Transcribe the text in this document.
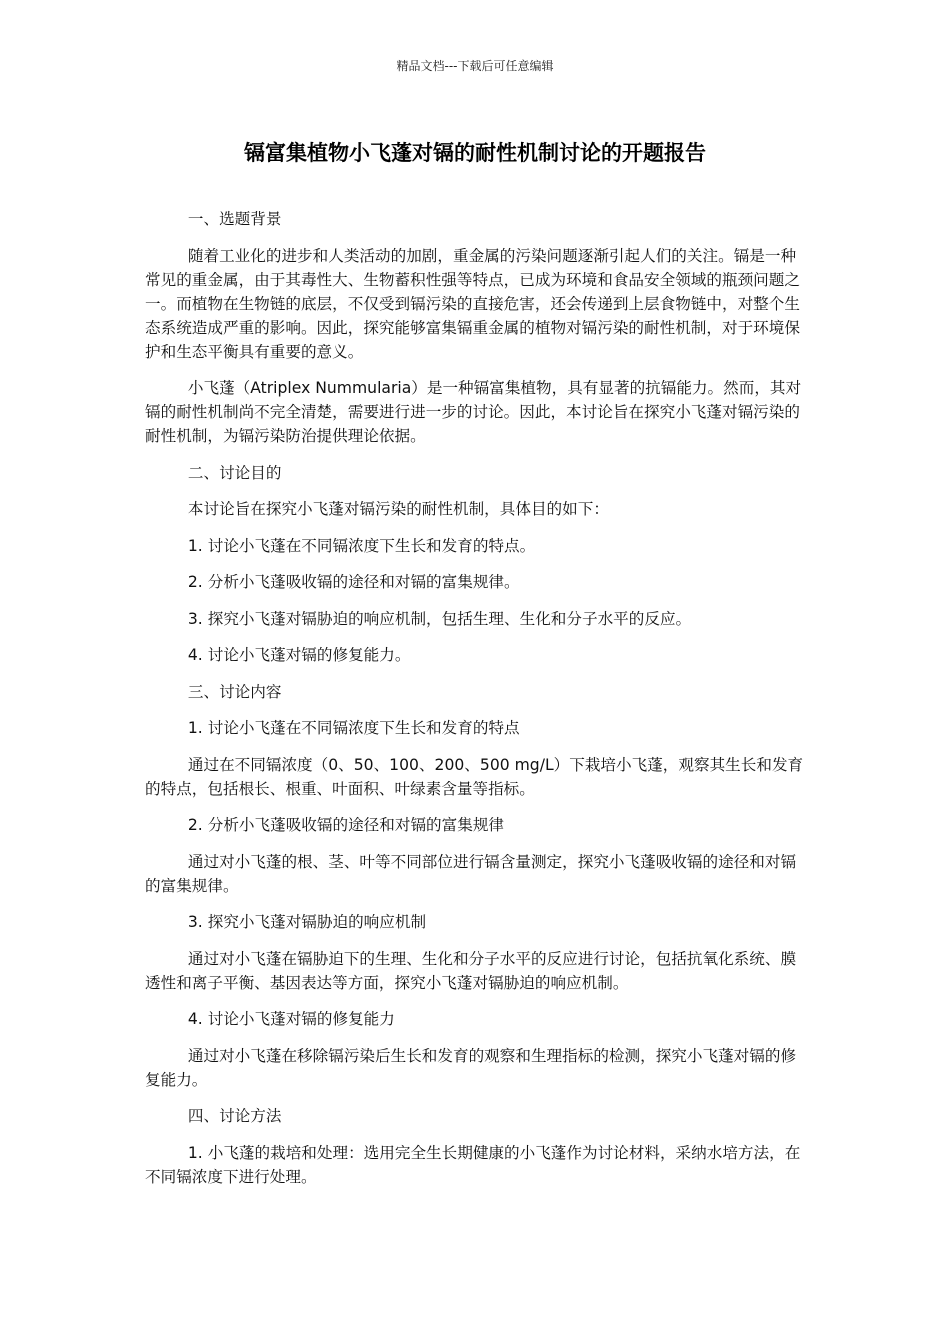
精品文档---下载后可任意编辑
镉富集植物小飞蓬对镉的耐性机制讨论的开题报告

一、选题背景

随着工业化的进步和人类活动的加剧，重金属的污染问题逐渐引起人们的关注。镉是一种常见的重金属，由于其毒性大、生物蓄积性强等特点，已成为环境和食品安全领域的瓶颈问题之一。而植物在生物链的底层，不仅受到镉污染的直接危害，还会传递到上层食物链中，对整个生态系统造成严重的影响。因此，探究能够富集镉重金属的植物对镉污染的耐性机制，对于环境保护和生态平衡具有重要的意义。

小飞蓬（Atriplex Nummularia）是一种镉富集植物，具有显著的抗镉能力。然而，其对镉的耐性机制尚不完全清楚，需要进行进一步的讨论。因此，本讨论旨在探究小飞蓬对镉污染的耐性机制，为镉污染防治提供理论依据。

二、讨论目的

本讨论旨在探究小飞蓬对镉污染的耐性机制，具体目的如下：

1. 讨论小飞蓬在不同镉浓度下生长和发育的特点。

2. 分析小飞蓬吸收镉的途径和对镉的富集规律。

3. 探究小飞蓬对镉胁迫的响应机制，包括生理、生化和分子水平的反应。

4. 讨论小飞蓬对镉的修复能力。

三、讨论内容

1. 讨论小飞蓬在不同镉浓度下生长和发育的特点

通过在不同镉浓度（0、50、100、200、500 mg/L）下栽培小飞蓬，观察其生长和发育的特点，包括根长、根重、叶面积、叶绿素含量等指标。

2. 分析小飞蓬吸收镉的途径和对镉的富集规律

通过对小飞蓬的根、茎、叶等不同部位进行镉含量测定，探究小飞蓬吸收镉的途径和对镉的富集规律。

3. 探究小飞蓬对镉胁迫的响应机制

通过对小飞蓬在镉胁迫下的生理、生化和分子水平的反应进行讨论，包括抗氧化系统、膜透性和离子平衡、基因表达等方面，探究小飞蓬对镉胁迫的响应机制。

4. 讨论小飞蓬对镉的修复能力

通过对小飞蓬在移除镉污染后生长和发育的观察和生理指标的检测，探究小飞蓬对镉的修复能力。

四、讨论方法

1. 小飞蓬的栽培和处理：选用完全生长期健康的小飞蓬作为讨论材料，采纳水培方法，在不同镉浓度下进行处理。
